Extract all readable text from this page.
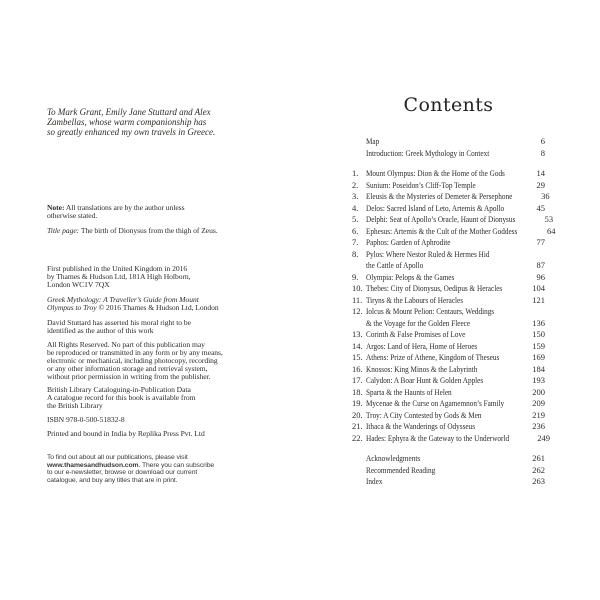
To Mark Grant, Emily Jane Stuttard and Alex
Zambellas, whose warm companionship has
so greatly enhanced my own travels in Greece.
Note: All translations are by the author unless
otherwise stated.
Title page: The birth of Dionysus from the thigh of Zeus.
First published in the United Kingdom in 2016
by Thames & Hudson Ltd, 181A High Holborn,
London WC1V 7QX
Greek Mythology: A Traveller’s Guide from Mount
Olympus to Troy © 2016 Thames & Hudson Ltd, London
David Stuttard has asserted his moral right to be
identified as the author of this work
All Rights Reserved. No part of this publication may
be reproduced or transmitted in any form or by any means,
electronic or mechanical, including photocopy, recording
or any other information storage and retrieval system,
without prior permission in writing from the publisher.
British Library Cataloguing-in-Publication Data
A catalogue record for this book is available from
the British Library
ISBN 978-0-500-51832-8
Printed and bound in India by Replika Press Pvt. Ltd
To find out about all our publications, please visit
www.thamesandhudson.com. There you can subscribe
to our e-newsletter, browse or download our current
catalogue, and buy any titles that are in print.
Contents
Map	6
Introduction: Greek Mythology in Context	8
1. Mount Olympus: Dion & the Home of the Gods	14
2. Sunium: Poseidon’s Cliff-Top Temple	29
3. Eleusis & the Mysteries of Demeter & Persephone	36
4. Delos: Sacred Island of Leto, Artemis & Apollo	45
5. Delphi: Seat of Apollo’s Oracle, Haunt of Dionysus	53
6. Ephesus: Artemis & the Cult of the Mother Goddess	64
7. Paphos: Garden of Aphrodite	77
8. Pylos: Where Nestor Ruled & Hermes Hid
the Cattle of Apollo	87
9. Olympia: Pelops & the Games	96
10. Thebes: City of Dionysus, Oedipus & Heracles	104
11. Tiryns & the Labours of Heracles	121
12. Iolcus & Mount Pelion: Centaurs, Weddings
& the Voyage for the Golden Fleece	136
13. Corinth & False Promises of Love	150
14. Argos: Land of Hera, Home of Heroes	159
15. Athens: Prize of Athene, Kingdom of Theseus	169
16. Knossos: King Minos & the Labyrinth	184
17. Calydon: A Boar Hunt & Golden Apples	193
18. Sparta & the Haunts of Helen	200
19. Mycenae & the Curse on Agamemnon’s Family	209
20. Troy: A City Contested by Gods & Men	219
21. Ithaca & the Wanderings of Odysseus	236
22. Hades: Ephyra & the Gateway to the Underworld	249
Acknowledgments	261
Recommended Reading	262
Index	263
